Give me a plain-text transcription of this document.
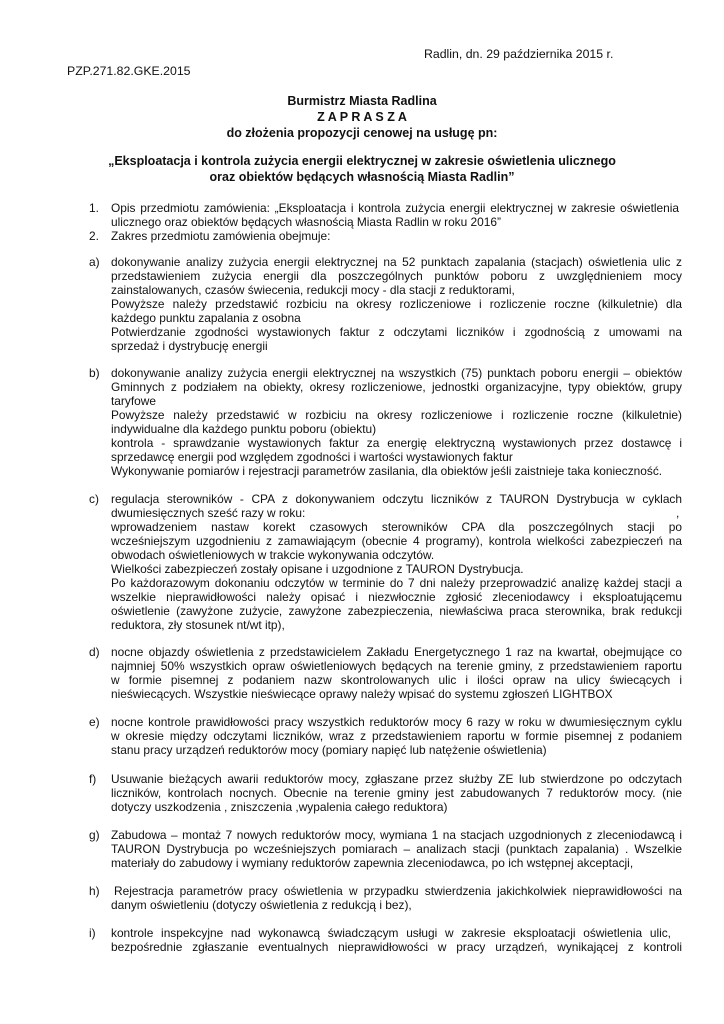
Radlin, dn. 29 października 2015 r.
PZP.271.82.GKE.2015
Burmistrz Miasta Radlina
Z A P R A S Z A
do złożenia propozycji cenowej na usługę pn:
„Eksploatacja i kontrola zużycia energii elektrycznej w zakresie oświetlenia ulicznego
oraz obiektów będących własnością Miasta Radlin”
1.
2.
a)
b)
c)
d)
e)
f)
g)
h)
i)
Opis przedmiotu zamówienia: „Eksploatacja i kontrola zużycia energii elektrycznej w zakresie oświetlenia
ulicznego oraz obiektów będących własnością Miasta Radlin w roku 2016”
Zakres przedmiotu zamówienia obejmuje:
dokonywanie analizy zużycia energii elektrycznej na 52 punktach zapalania (stacjach) oświetlenia ulic z
przedstawieniem zużycia energii dla poszczególnych punktów poboru z uwzględnieniem mocy
zainstalowanych, czasów świecenia, redukcji mocy - dla stacji z reduktorami,
Powyższe należy przedstawić rozbiciu na okresy rozliczeniowe i rozliczenie roczne (kilkuletnie) dla
każdego punktu zapalania z osobna
Potwierdzanie zgodności wystawionych faktur z odczytami liczników i zgodnością z umowami na
sprzedaż i dystrybucję energii
dokonywanie analizy zużycia energii elektrycznej na wszystkich (75) punktach poboru energii – obiektów
Gminnych z podziałem na obiekty, okresy rozliczeniowe, jednostki organizacyjne, typy obiektów, grupy
taryfowe
Powyższe należy przedstawić w rozbiciu na okresy rozliczeniowe i rozliczenie roczne (kilkuletnie)
indywidualne dla każdego punktu poboru (obiektu)
kontrola - sprawdzanie wystawionych faktur za energię elektryczną wystawionych przez dostawcę i
sprzedawcę energii pod względem zgodności i wartości wystawionych faktur
Wykonywanie pomiarów i rejestracji parametrów zasilania, dla obiektów jeśli zaistnieje taka konieczność.
regulacja sterowników - CPA z dokonywaniem odczytu liczników z TAURON Dystrybucja w cyklach
dwumiesięcznych sześć razy w roku:	,
wprowadzeniem nastaw korekt czasowych sterowników CPA dla poszczególnych stacji po
wcześniejszym uzgodnieniu z zamawiającym (obecnie 4 programy), kontrola wielkości zabezpieczeń na
obwodach oświetleniowych w trakcie wykonywania odczytów.
Wielkości zabezpieczeń zostały opisane i uzgodnione z TAURON Dystrybucja.
Po każdorazowym dokonaniu odczytów w terminie do 7 dni należy przeprowadzić analizę każdej stacji a
wszelkie nieprawidłowości należy opisać i niezwłocznie zgłosić zleceniodawcy i eksploatującemu
oświetlenie (zawyżone zużycie, zawyżone zabezpieczenia, niewłaściwa praca sterownika, brak redukcji
reduktora, zły stosunek nt/wt itp),
nocne objazdy oświetlenia z przedstawicielem Zakładu Energetycznego 1 raz na kwartał, obejmujące co
najmniej 50% wszystkich opraw oświetleniowych będących na terenie gminy, z przedstawieniem raportu
w formie pisemnej z podaniem nazw skontrolowanych ulic i ilości opraw na ulicy świecących i
nieświecących. Wszystkie nieświecące oprawy należy wpisać do systemu zgłoszeń LIGHTBOX
nocne kontrole prawidłowości pracy wszystkich reduktorów mocy 6 razy w roku w dwumiesięcznym cyklu
w okresie między odczytami liczników, wraz z przedstawieniem raportu w formie pisemnej z podaniem
stanu pracy urządzeń reduktorów mocy (pomiary napięć lub natężenie oświetlenia)
Usuwanie bieżących awarii reduktorów mocy, zgłaszane przez służby ZE lub stwierdzone po odczytach
liczników, kontrolach nocnych. Obecnie na terenie gminy jest zabudowanych 7 reduktorów mocy. (nie
dotyczy uszkodzenia , zniszczenia ,wypalenia całego reduktora)
Zabudowa – montaż 7 nowych reduktorów mocy, wymiana 1 na stacjach uzgodnionych z zleceniodawcą i
TAURON Dystrybucja po wcześniejszych pomiarach – analizach stacji (punktach zapalania) . Wszelkie
materiały do zabudowy i wymiany reduktorów zapewnia zleceniodawca, po ich wstępnej akceptacji,
Rejestracja parametrów pracy oświetlenia w przypadku stwierdzenia jakichkolwiek nieprawidłowości na
danym oświetleniu (dotyczy oświetlenia z redukcją i bez),
kontrole inspekcyjne nad wykonawcą świadczącym usługi w zakresie eksploatacji oświetlenia ulic,
bezpośrednie zgłaszanie eventualnych nieprawidłowości w pracy urządzeń, wynikającej z kontroli
